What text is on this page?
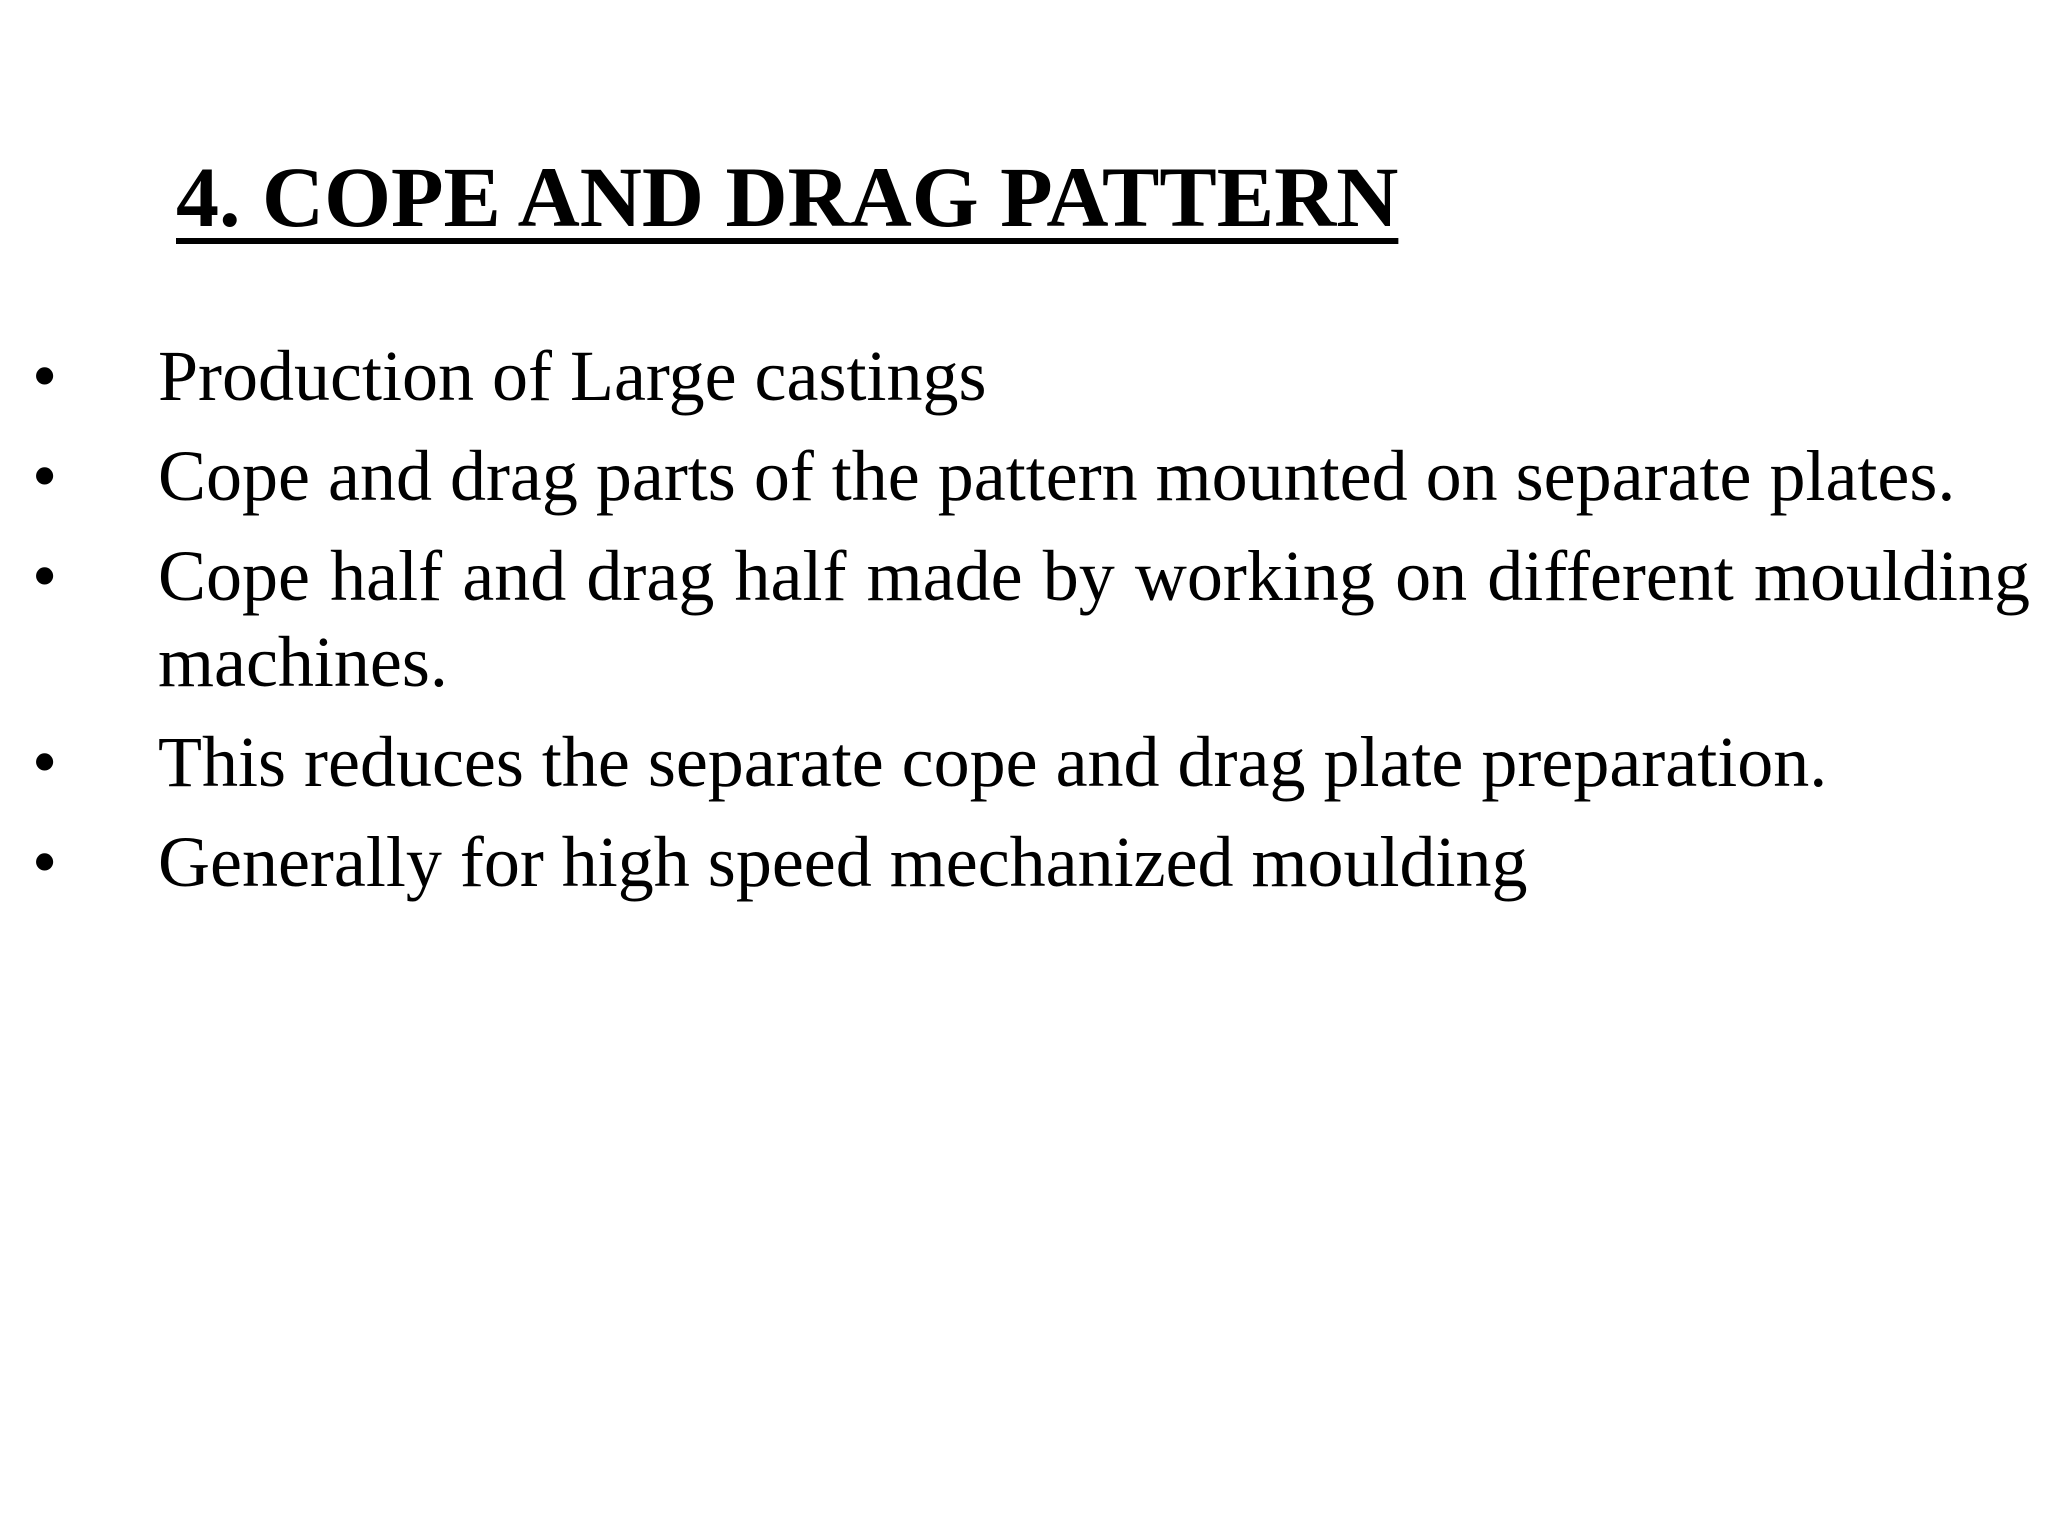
4. COPE AND DRAG PATTERN
• Production of Large castings
• Cope and drag parts of the pattern mounted on separate plates.
• Cope half and drag half made by working on different moulding machines.
• This reduces the separate cope and drag plate preparation.
• Generally for high speed mechanized moulding
